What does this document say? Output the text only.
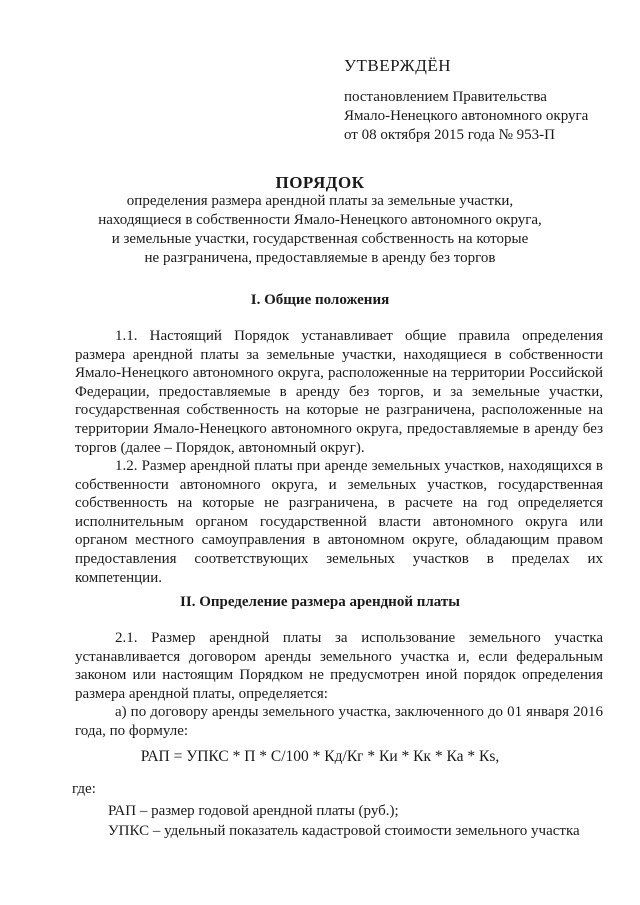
УТВЕРЖДЁН
постановлением Правительства
Ямало-Ненецкого автономного округа
от 08 октября 2015 года № 953-П
ПОРЯДОК
определения размера арендной платы за земельные участки,
находящиеся в собственности Ямало-Ненецкого автономного округа,
и земельные участки, государственная собственность на которые
не разграничена, предоставляемые в аренду без торгов
I. Общие положения
1.1. Настоящий Порядок устанавливает общие правила определения размера арендной платы за земельные участки, находящиеся в собственности Ямало-Ненецкого автономного округа, расположенные на территории Российской Федерации, предоставляемые в аренду без торгов, и за земельные участки, государственная собственность на которые не разграничена, расположенные на территории Ямало-Ненецкого автономного округа, предоставляемые в аренду без торгов (далее – Порядок, автономный округ).
1.2. Размер арендной платы при аренде земельных участков, находящихся в собственности автономного округа, и земельных участков, государственная собственность на которые не разграничена, в расчете на год определяется исполнительным органом государственной власти автономного округа или органом местного самоуправления в автономном округе, обладающим правом предоставления соответствующих земельных участков в пределах их компетенции.
II. Определение размера арендной платы
2.1. Размер арендной платы за использование земельного участка устанавливается договором аренды земельного участка и, если федеральным законом или настоящим Порядком не предусмотрен иной порядок определения размера арендной платы, определяется:
а) по договору аренды земельного участка, заключенного до 01 января 2016 года, по формуле:
РАП = УПКС * П * С/100 * Кд/Кг * Ки * Кк * Ка * Кs,
где:
РАП – размер годовой арендной платы (руб.);
УПКС – удельный показатель кадастровой стоимости земельного участка
